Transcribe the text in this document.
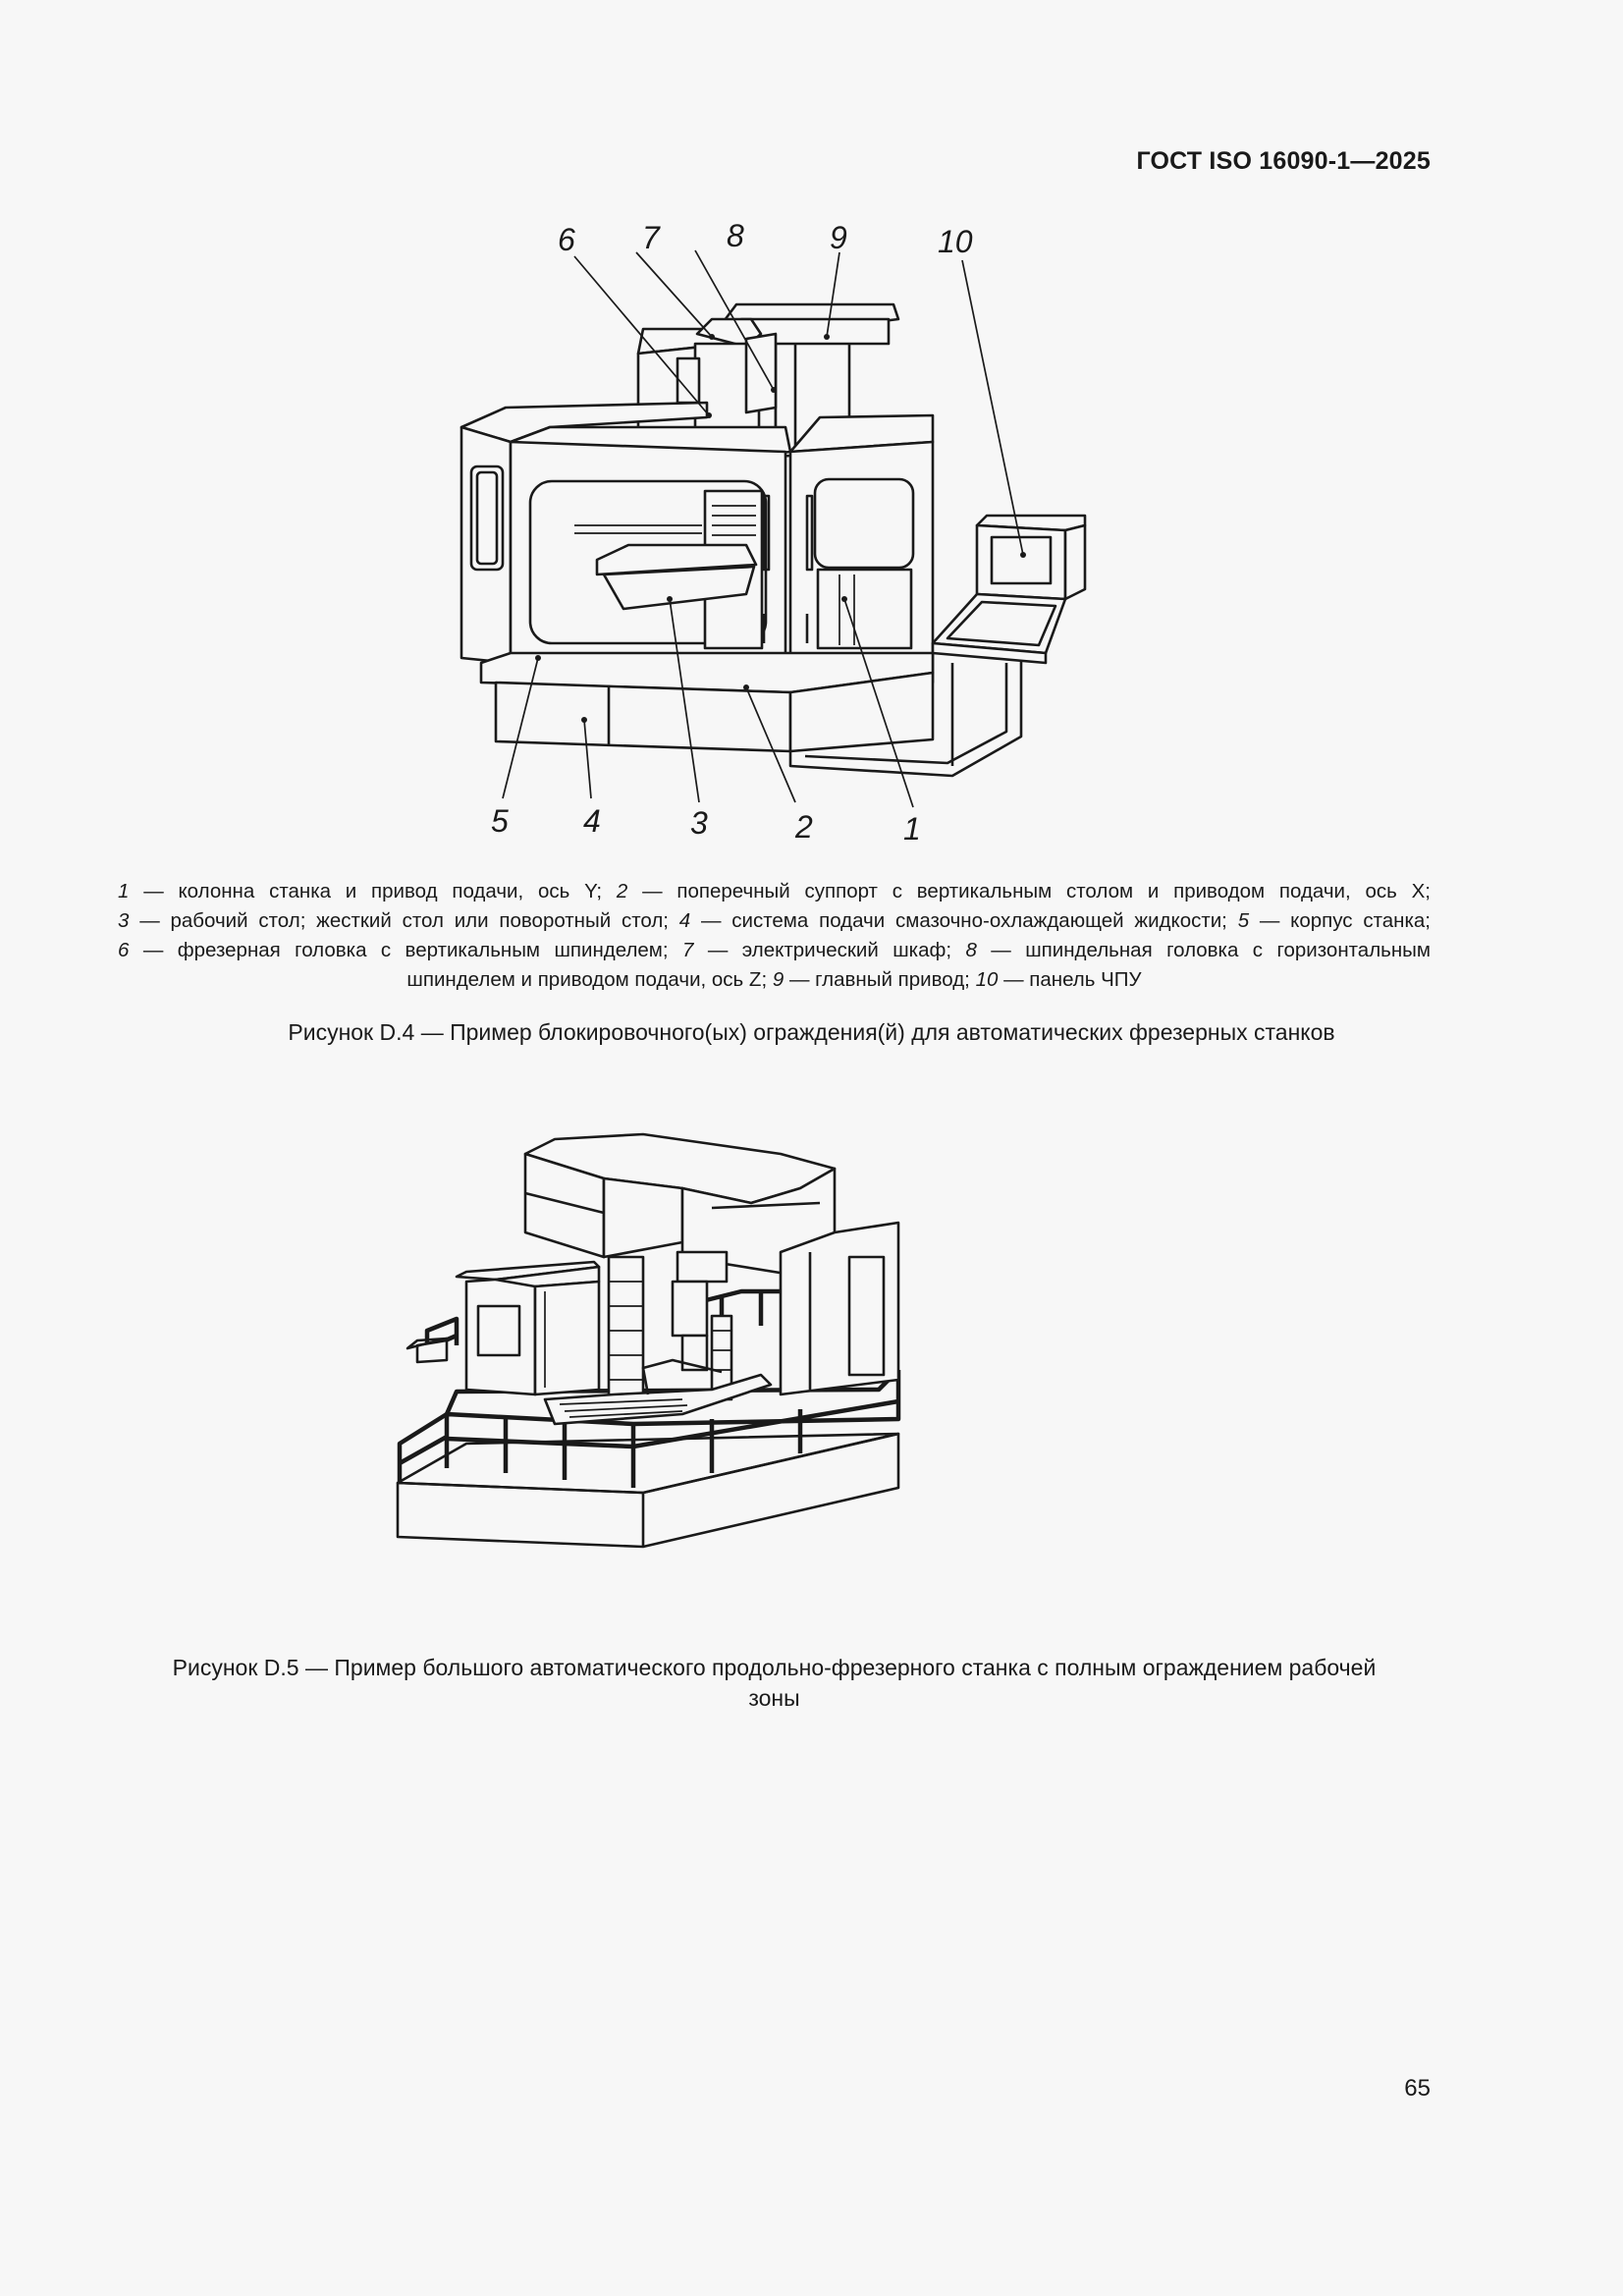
ГОСТ ISO 16090-1—2025
1
2
3
4
5
6 7 8	9	10

1 — колонна станка и привод подачи, ось Y; 2 — поперечный суппорт с вертикальным столом и приводом подачи, ось X;

3 — рабочий стол; жесткий стол или поворотный стол; 4 — система подачи смазочно-охлаждающей жидкости; 5 — корпус станка;

6 — фрезерная головка с вертикальным шпинделем; 7 — электрический шкаф; 8 — шпиндельная головка с горизонтальным

шпинделем и приводом подачи, ось Z; 9 — главный привод; 10 — панель ЧПУ

Рисунок D.4 — Пример блокировочного(ых) ограждения(й) для автоматических фрезерных станков
Рисунок D.5 — Пример большого автоматического продольно-фрезерного станка с полным ограждением рабочей
зоны
65
